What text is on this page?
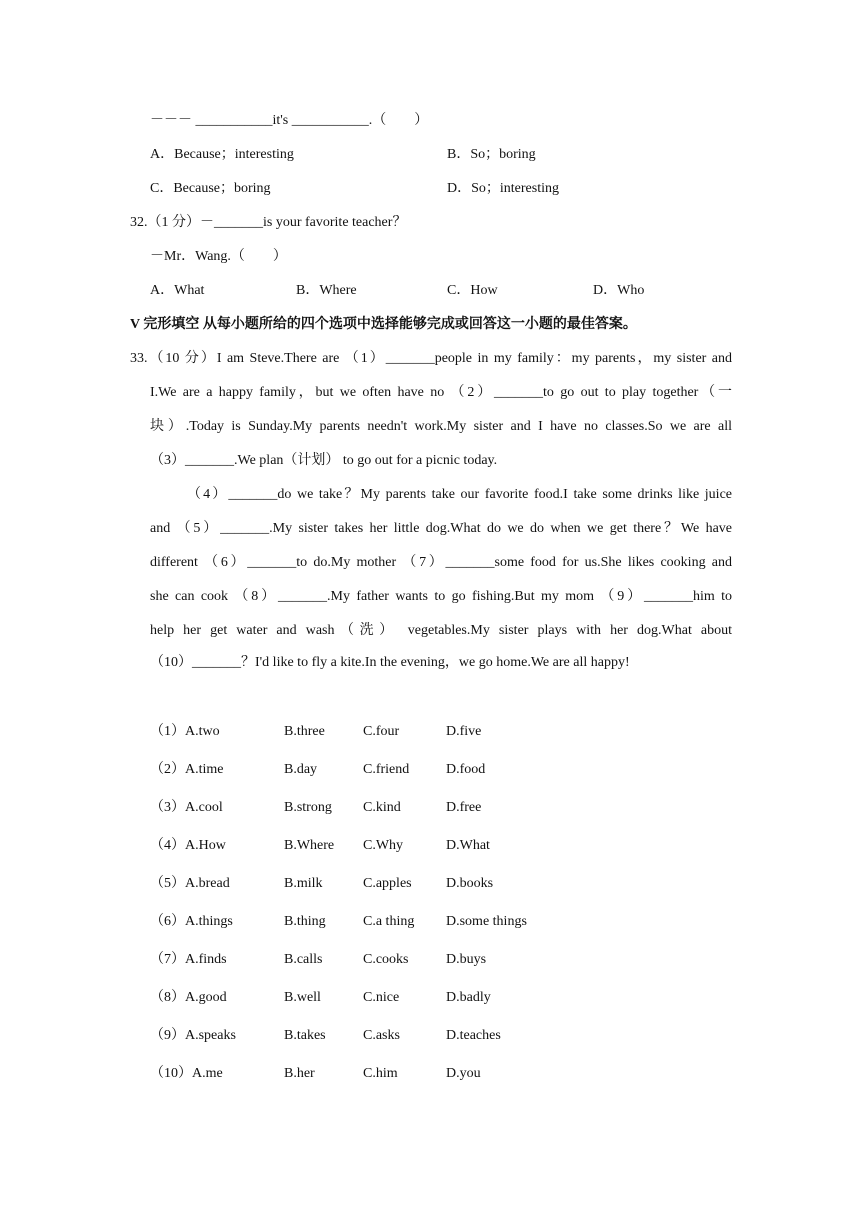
－－－ ___________it's ___________.（　　）
A．Because；interesting	B．So；boring
C．Because；boring	D．So；interesting
32.（1 分）－_______is your favorite teacher？
－Mr．Wang.（　　）
A．What	B．Where	C．How	D．Who
V 完形填空 从每小题所给的四个选项中选择能够完成或回答这一小题的最佳答案。
33.（10 分）I am Steve.There are （1）_______people in my family：my parents，my sister and
I.We are a happy family，but we often have no （2）_______to go out to play together（一
块）.Today is Sunday.My parents needn't work.My sister and I have no classes.So we are all
（3）_______.We plan（计划） to go out for a picnic today.
（4）_______do we take？My parents take our favorite food.I take some drinks like juice
and （5）_______.My sister takes her little dog.What do we do when we get there？We have
different （6）_______to do.My mother （7）_______some food for us.She likes cooking and
she can cook （8）_______.My father wants to go fishing.But my mom （9）_______him to
help her get water and wash（洗） vegetables.My sister plays with her dog.What about
（10）_______？I'd like to fly a kite.In the evening，we go home.We are all happy!
（1）A.two	B.three	C.four	D.five
（2）A.time	B.day	C.friend	D.food
（3）A.cool	B.strong C.kind	D.free
（4）A.How	B.Where C.Why	D.What
（5）A.bread	B.milk	C.apples D.books
（6）A.things	B.thing	C.a thing D.some things
（7）A.finds	B.calls	C.cooks	D.buys
（8）A.good	B.well	C.nice	D.badly
（9）A.speaks	B.takes	C.asks	D.teaches
（10）A.me	B.her	C.him	D.you
